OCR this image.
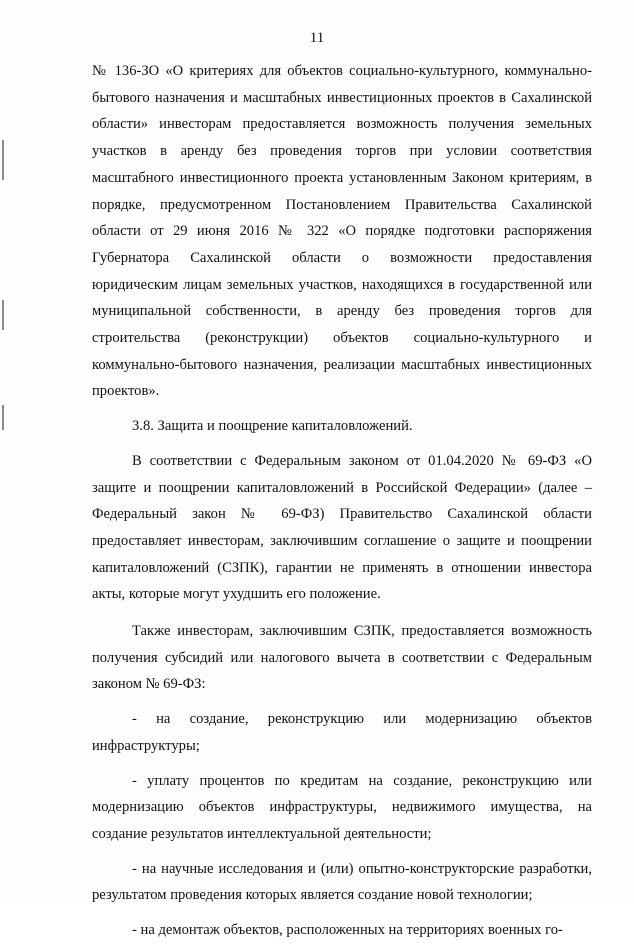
11

№ 136-ЗО «О критериях для объектов социально-культурного, коммунально-бытового назначения и масштабных инвестиционных проектов в Сахалинской области» инвесторам предоставляется возможность получения земельных участков в аренду без проведения торгов при условии соответствия масштабного инвестиционного проекта установленным Законом критериям, в порядке, предусмотренном Постановлением Правительства Сахалинской области от 29 июня 2016 № 322 «О порядке подготовки распоряжения Губернатора Сахалинской области о возможности предоставления юридическим лицам земельных участков, находящихся в государственной или муниципальной собственности, в аренду без проведения торгов для строительства (реконструкции) объектов социально-культурного и коммунально-бытового назначения, реализации масштабных инвестиционных проектов».

3.8. Защита и поощрение капиталовложений.

В соответствии с Федеральным законом от 01.04.2020 № 69-ФЗ «О защите и поощрении капиталовложений в Российской Федерации» (далее – Федеральный закон № 69-ФЗ) Правительство Сахалинской области предоставляет инвесторам, заключившим соглашение о защите и поощрении капиталовложений (СЗПК), гарантии не применять в отношении инвестора акты, которые могут ухудшить его положение.

Также инвесторам, заключившим СЗПК, предоставляется возможность получения субсидий или налогового вычета в соответствии с Федеральным законом № 69-ФЗ:

- на создание, реконструкцию или модернизацию объектов инфраструктуры;

- уплату процентов по кредитам на создание, реконструкцию или модернизацию объектов инфраструктуры, недвижимого имущества, на создание результатов интеллектуальной деятельности;

- на научные исследования и (или) опытно-конструкторские разработки, результатом проведения которых является создание новой технологии;

- на демонтаж объектов, расположенных на территориях военных го-
